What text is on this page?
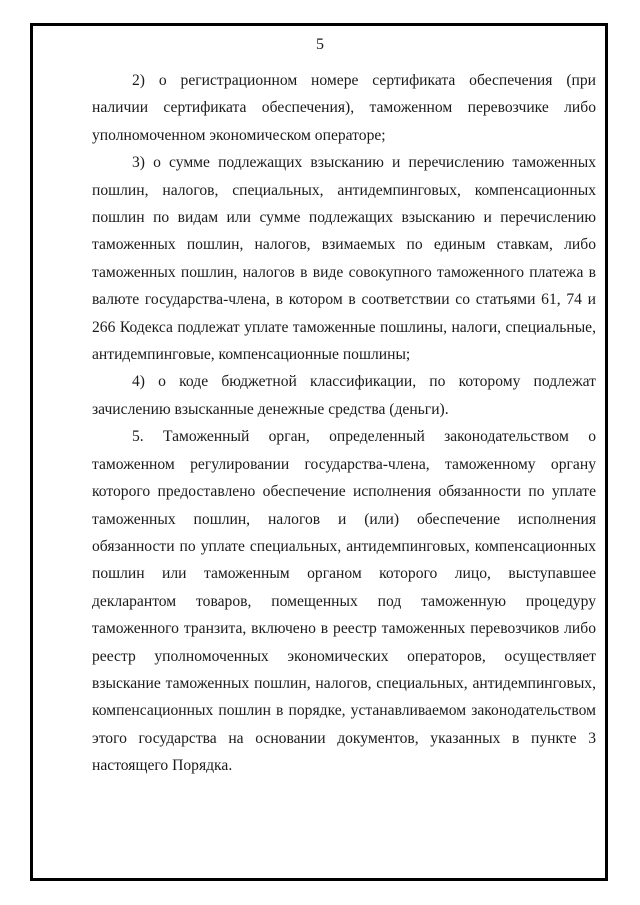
5

2) о регистрационном номере сертификата обеспечения (при наличии сертификата обеспечения), таможенном перевозчике либо уполномоченном экономическом операторе;

3) о сумме подлежащих взысканию и перечислению таможенных пошлин, налогов, специальных, антидемпинговых, компенсационных пошлин по видам или сумме подлежащих взысканию и перечислению таможенных пошлин, налогов, взимаемых по единым ставкам, либо таможенных пошлин, налогов в виде совокупного таможенного платежа в валюте государства-члена, в котором в соответствии со статьями 61, 74 и 266 Кодекса подлежат уплате таможенные пошлины, налоги, специальные, антидемпинговые, компенсационные пошлины;

4) о коде бюджетной классификации, по которому подлежат зачислению взысканные денежные средства (деньги).

5. Таможенный орган, определенный законодательством о таможенном регулировании государства-члена, таможенному органу которого предоставлено обеспечение исполнения обязанности по уплате таможенных пошлин, налогов и (или) обеспечение исполнения обязанности по уплате специальных, антидемпинговых, компенсационных пошлин или таможенным органом которого лицо, выступавшее декларантом товаров, помещенных под таможенную процедуру таможенного транзита, включено в реестр таможенных перевозчиков либо реестр уполномоченных экономических операторов, осуществляет взыскание таможенных пошлин, налогов, специальных, антидемпинговых, компенсационных пошлин в порядке, устанавливаемом законодательством этого государства на основании документов, указанных в пункте 3 настоящего Порядка.
